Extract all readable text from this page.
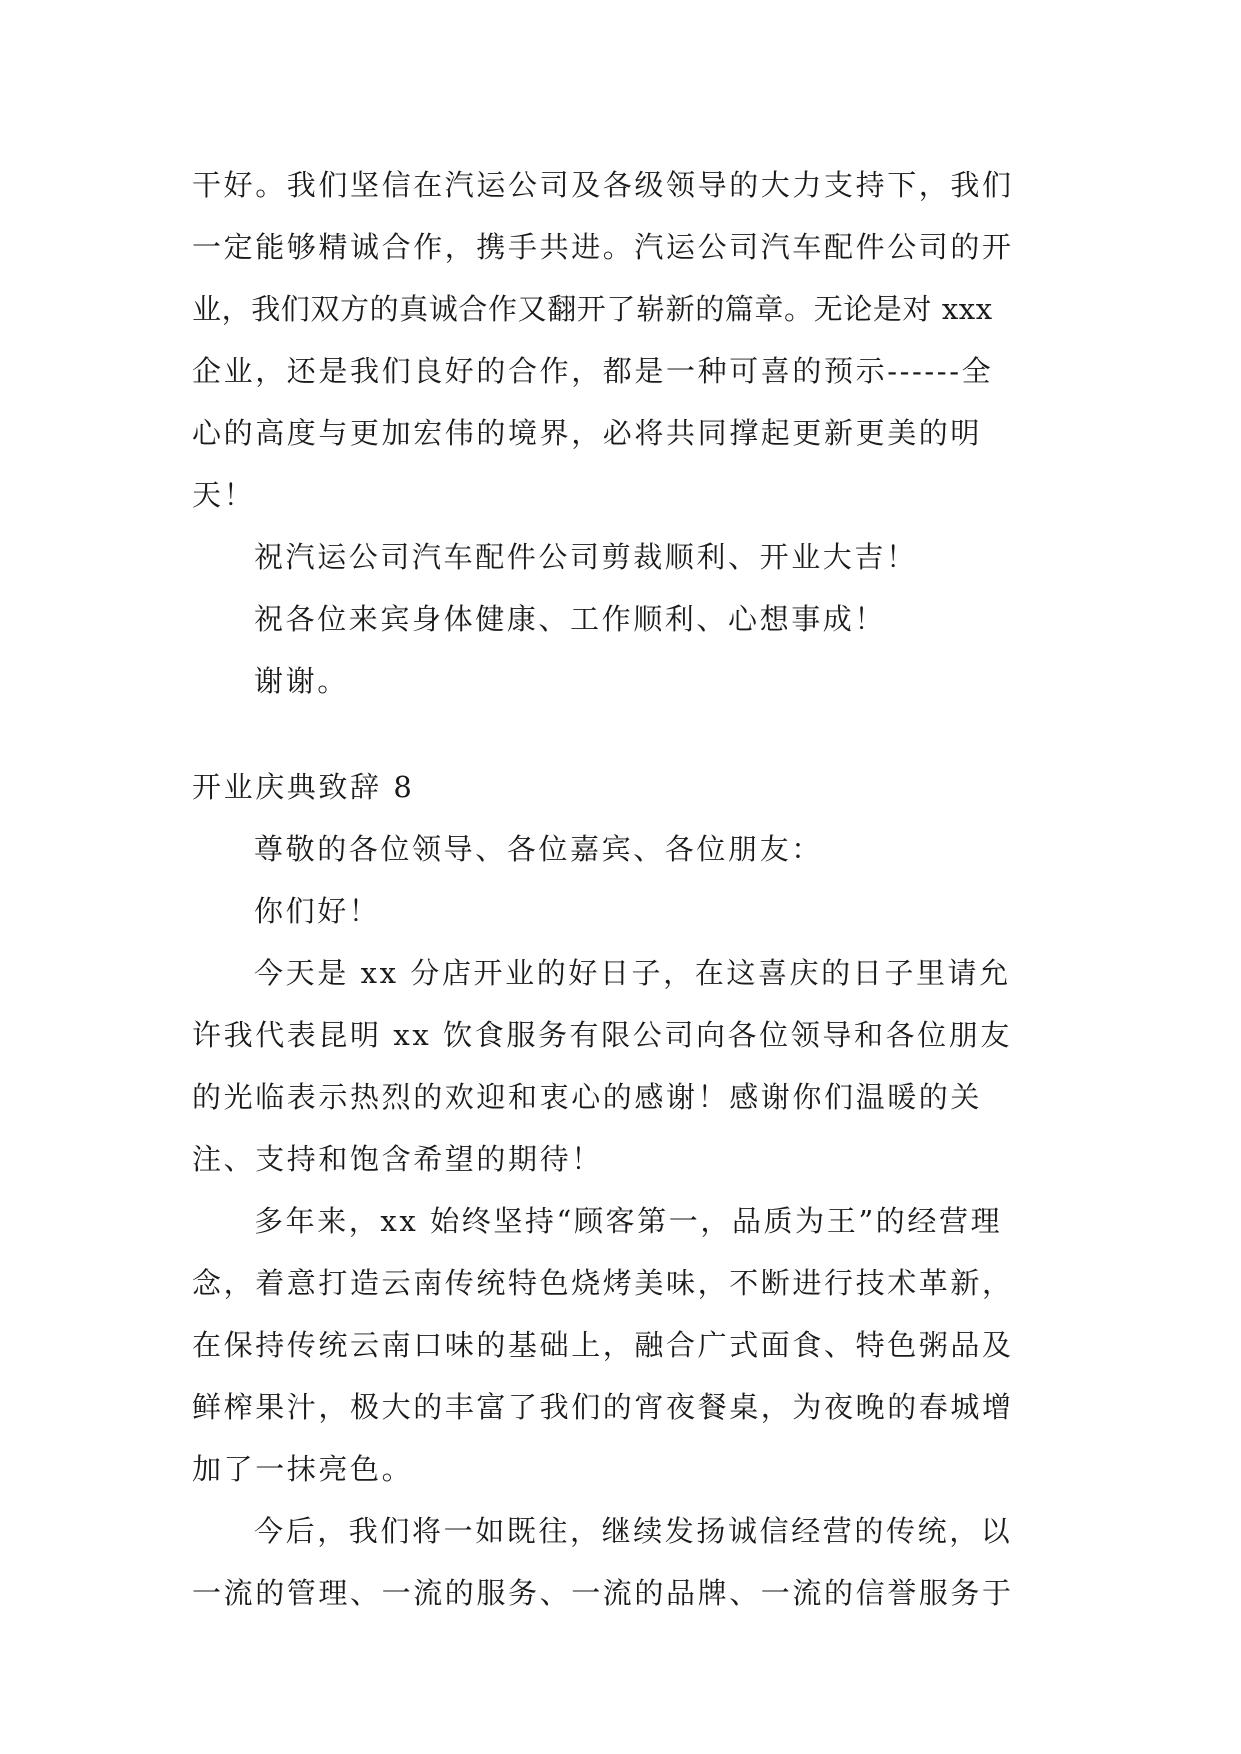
干好。我们坚信在汽运公司及各级领导的大力支持下，我们
一定能够精诚合作，携手共进。汽运公司汽车配件公司的开
业，我们双方的真诚合作又翻开了崭新的篇章。无论是对 xxx
企业，还是我们良好的合作，都是一种可喜的预示------全
心的高度与更加宏伟的境界，必将共同撑起更新更美的明
天！
祝汽运公司汽车配件公司剪裁顺利、开业大吉！
祝各位来宾身体健康、工作顺利、心想事成！
谢谢。
开业庆典致辞 8
尊敬的各位领导、各位嘉宾、各位朋友：
你们好！
今天是 xx 分店开业的好日子，在这喜庆的日子里请允
许我代表昆明 xx 饮食服务有限公司向各位领导和各位朋友
的光临表示热烈的欢迎和衷心的感谢！感谢你们温暖的关
注、支持和饱含希望的期待！
多年来，xx 始终坚持“顾客第一，品质为王”的经营理
念，着意打造云南传统特色烧烤美味，不断进行技术革新，
在保持传统云南口味的基础上，融合广式面食、特色粥品及
鲜榨果汁，极大的丰富了我们的宵夜餐桌，为夜晚的春城增
加了一抹亮色。
今后，我们将一如既往，继续发扬诚信经营的传统，以
一流的管理、一流的服务、一流的品牌、一流的信誉服务于
